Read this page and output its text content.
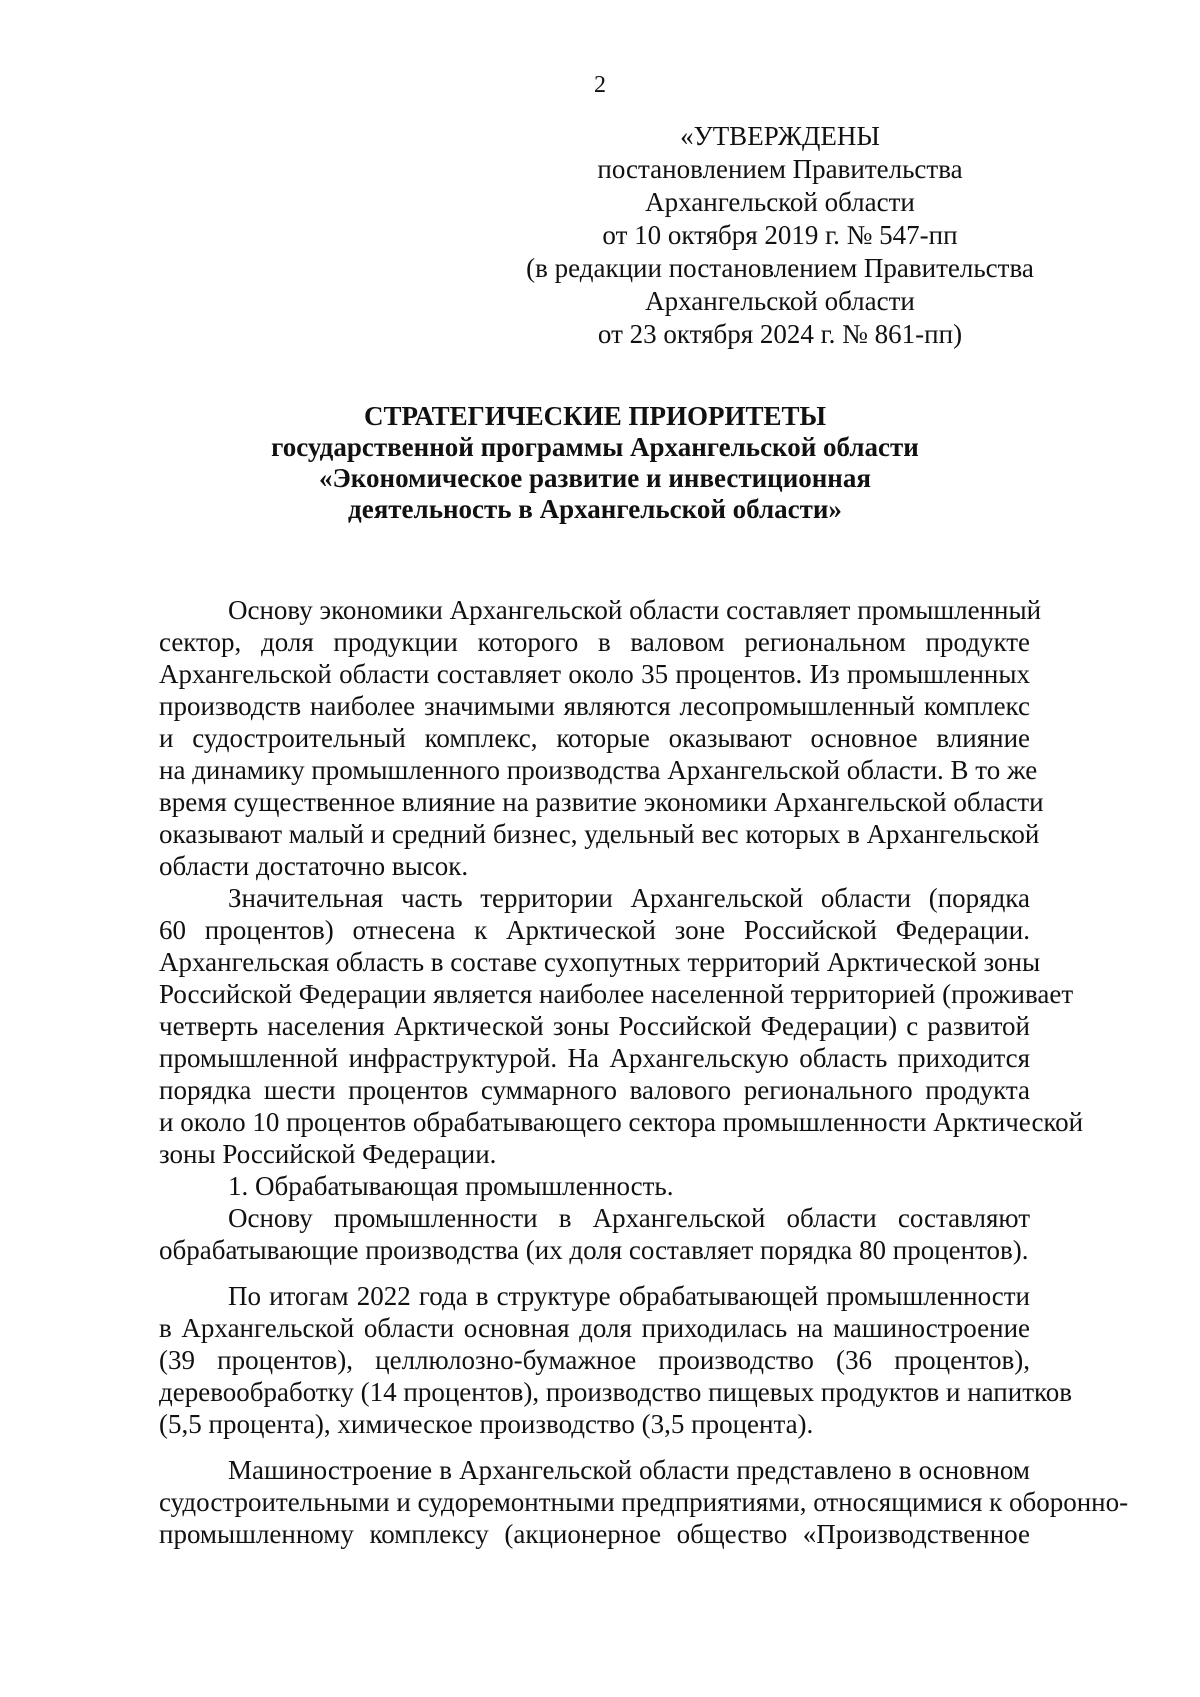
2
«УТВЕРЖДЕНЫ
постановлением Правительства
Архангельской области
от 10 октября 2019 г. № 547-пп
(в редакции постановлением Правительства
Архангельской области
от 23 октября 2024 г. № 861-пп)
СТРАТЕГИЧЕСКИЕ ПРИОРИТЕТЫ
государственной программы Архангельской области
«Экономическое развитие и инвестиционная
деятельность в Архангельской области»
Основу экономики Архангельской области составляет промышленный
сектор, доля продукции которого в валовом региональном продукте
Архангельской области составляет около 35 процентов. Из промышленных
производств наиболее значимыми являются лесопромышленный комплекс
и судостроительный комплекс, которые оказывают основное влияние
на динамику промышленного производства Архангельской области. В то же
время существенное влияние на развитие экономики Архангельской области
оказывают малый и средний бизнес, удельный вес которых в Архангельской
области достаточно высок.
Значительная часть территории Архангельской области (порядка
60 процентов) отнесена к Арктической зоне Российской Федерации.
Архангельская область в составе сухопутных территорий Арктической зоны
Российской Федерации является наиболее населенной территорией (проживает
четверть населения Арктической зоны Российской Федерации) с развитой
промышленной инфраструктурой. На Архангельскую область приходится
порядка шести процентов суммарного валового регионального продукта
и около 10 процентов обрабатывающего сектора промышленности Арктической
зоны Российской Федерации.
1. Обрабатывающая промышленность.
Основу промышленности в Архангельской области составляют
обрабатывающие производства (их доля составляет порядка 80 процентов).
По итогам 2022 года в структуре обрабатывающей промышленности
в Архангельской области основная доля приходилась на машиностроение
(39 процентов), целлюлозно-бумажное производство (36 процентов),
деревообработку (14 процентов), производство пищевых продуктов и напитков
(5,5 процента), химическое производство (3,5 процента).
Машиностроение в Архангельской области представлено в основном
судостроительными и судоремонтными предприятиями, относящимися к оборонно-
промышленному комплексу (акционерное общество «Производственное
